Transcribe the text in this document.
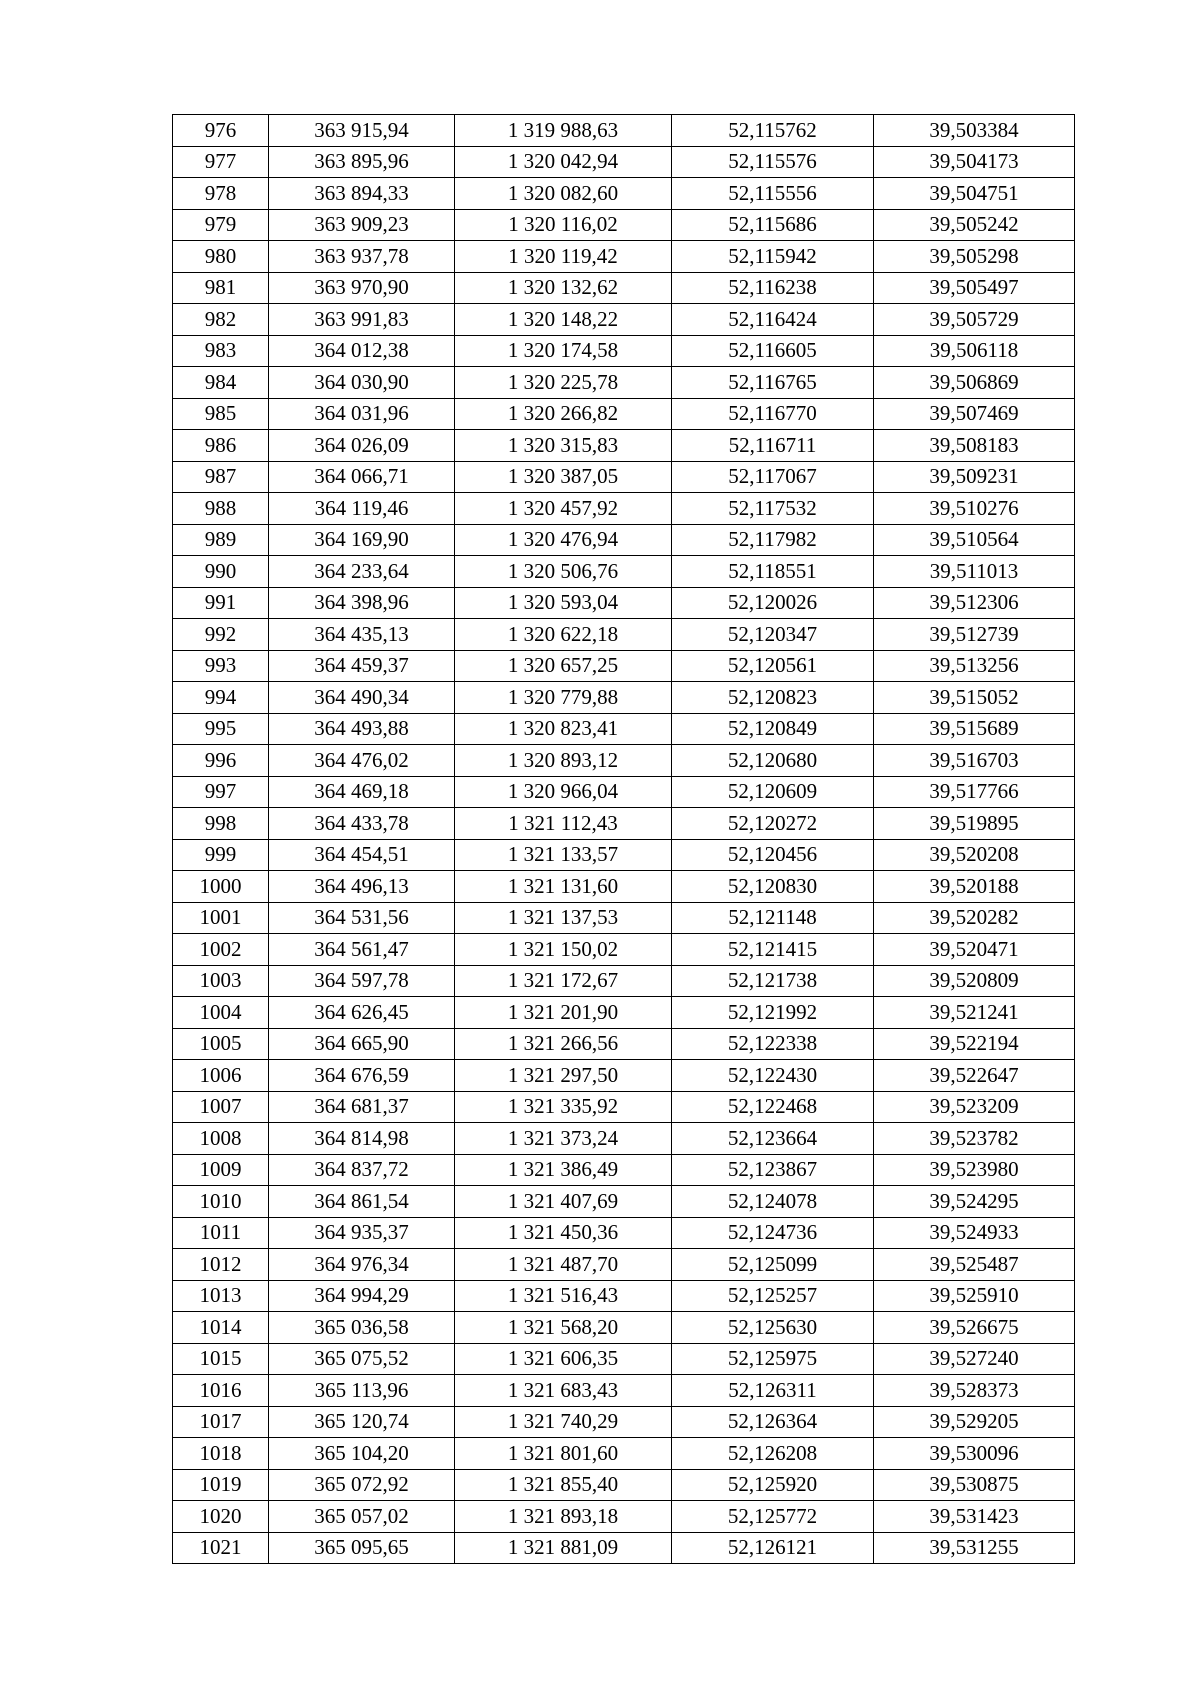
976	363 915,94	1 319 988,63	52,115762	39,503384
977	363 895,96	1 320 042,94	52,115576	39,504173
978	363 894,33	1 320 082,60	52,115556	39,504751
979	363 909,23	1 320 116,02	52,115686	39,505242
980	363 937,78	1 320 119,42	52,115942	39,505298
981	363 970,90	1 320 132,62	52,116238	39,505497
982	363 991,83	1 320 148,22	52,116424	39,505729
983	364 012,38	1 320 174,58	52,116605	39,506118
984	364 030,90	1 320 225,78	52,116765	39,506869
985	364 031,96	1 320 266,82	52,116770	39,507469
986	364 026,09	1 320 315,83	52,116711	39,508183
987	364 066,71	1 320 387,05	52,117067	39,509231
988	364 119,46	1 320 457,92	52,117532	39,510276
989	364 169,90	1 320 476,94	52,117982	39,510564
990	364 233,64	1 320 506,76	52,118551	39,511013
991	364 398,96	1 320 593,04	52,120026	39,512306
992	364 435,13	1 320 622,18	52,120347	39,512739
993	364 459,37	1 320 657,25	52,120561	39,513256
994	364 490,34	1 320 779,88	52,120823	39,515052
995	364 493,88	1 320 823,41	52,120849	39,515689
996	364 476,02	1 320 893,12	52,120680	39,516703
997	364 469,18	1 320 966,04	52,120609	39,517766
998	364 433,78	1 321 112,43	52,120272	39,519895
999	364 454,51	1 321 133,57	52,120456	39,520208
1000	364 496,13	1 321 131,60	52,120830	39,520188
1001	364 531,56	1 321 137,53	52,121148	39,520282
1002	364 561,47	1 321 150,02	52,121415	39,520471
1003	364 597,78	1 321 172,67	52,121738	39,520809
1004	364 626,45	1 321 201,90	52,121992	39,521241
1005	364 665,90	1 321 266,56	52,122338	39,522194
1006	364 676,59	1 321 297,50	52,122430	39,522647
1007	364 681,37	1 321 335,92	52,122468	39,523209
1008	364 814,98	1 321 373,24	52,123664	39,523782
1009	364 837,72	1 321 386,49	52,123867	39,523980
1010	364 861,54	1 321 407,69	52,124078	39,524295
1011	364 935,37	1 321 450,36	52,124736	39,524933
1012	364 976,34	1 321 487,70	52,125099	39,525487
1013	364 994,29	1 321 516,43	52,125257	39,525910
1014	365 036,58	1 321 568,20	52,125630	39,526675
1015	365 075,52	1 321 606,35	52,125975	39,527240
1016	365 113,96	1 321 683,43	52,126311	39,528373
1017	365 120,74	1 321 740,29	52,126364	39,529205
1018	365 104,20	1 321 801,60	52,126208	39,530096
1019	365 072,92	1 321 855,40	52,125920	39,530875
1020	365 057,02	1 321 893,18	52,125772	39,531423
1021	365 095,65	1 321 881,09	52,126121	39,531255
